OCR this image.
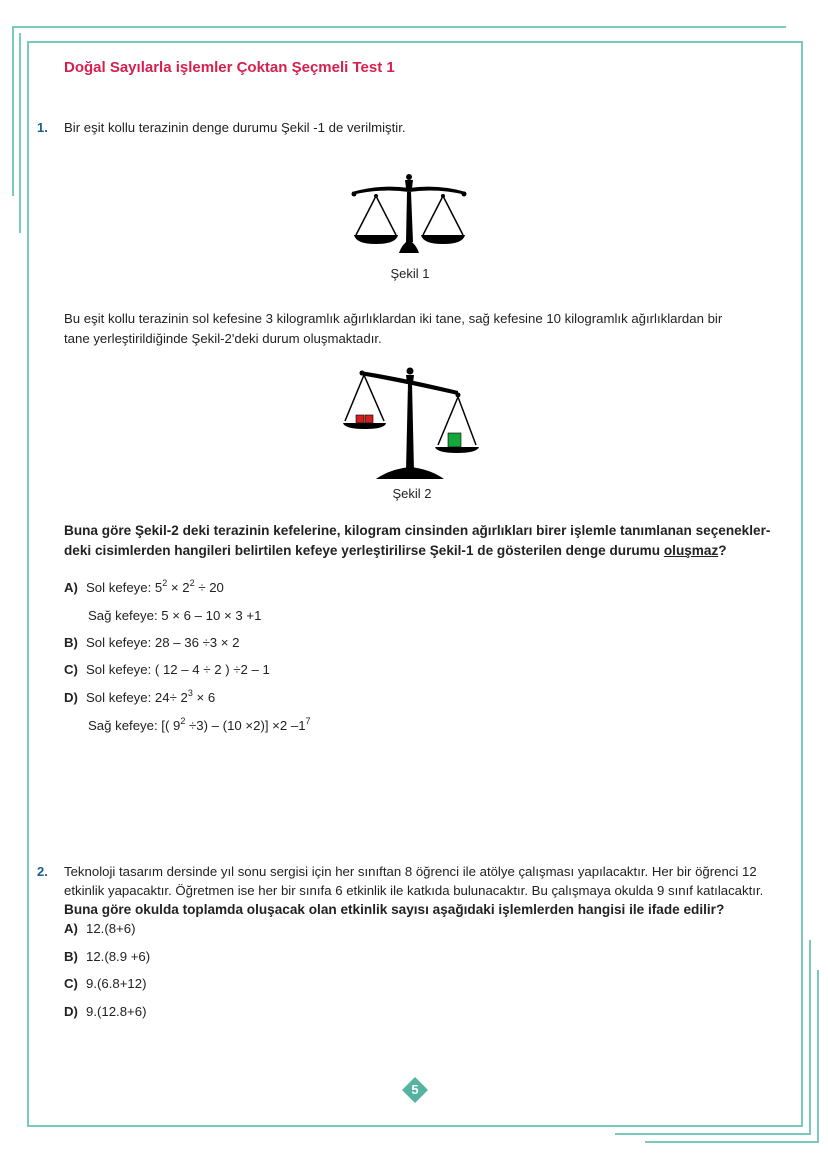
Doğal Sayılarla işlemler Çoktan Şeçmeli Test 1
1. Bir eşit kollu terazinin denge durumu Şekil -1 de verilmiştir.
Şekil 1
Bu eşit kollu terazinin sol kefesine 3 kilogramlık ağırlıklardan iki tane, sağ kefesine 10 kilogramlık ağırlıklardan bir
tane yerleştirildiğinde Şekil-2'deki durum oluşmaktadır.
Şekil 2
Buna göre Şekil-2 deki terazinin kefelerine, kilogram cinsinden ağırlıkları birer işlemle tanımlanan seçenekler-
deki cisimlerden hangileri belirtilen kefeye yerleştirilirse Şekil-1 de gösterilen denge durumu oluşmaz?
A) Sol kefeye: $5^2 \times 2^2 \div 20$
Sağ kefeye: 5 × 6 – 10 × 3 +1
B) Sol kefeye: 28 – 36 ÷3 × 2
C) Sol kefeye: ( 12 – 4 ÷ 2 ) ÷2 – 1
D) Sol kefeye: $24\div 2^3 \times 6$
Sağ kefeye: [( $9^2 \div 3) - (10 \times 2)] \times 2$ $-1^7$
2. Teknoloji tasarım dersinde yıl sonu sergisi için her sınıftan 8 öğrenci ile atölye çalışması yapılacaktır. Her bir öğrenci 12
etkinlik yapacaktır. Öğretmen ise her bir sınıfa 6 etkinlik ile katkıda bulunacaktır. Bu çalışmaya okulda 9 sınıf katılacaktır.
Buna göre okulda toplamda oluşacak olan etkinlik sayısı aşağıdaki işlemlerden hangisi ile ifade edilir?
A) 12.(8+6)
B) 12.(8.9 +6)
C) 9.(6.8+12)
D) 9.(12.8+6)
5
